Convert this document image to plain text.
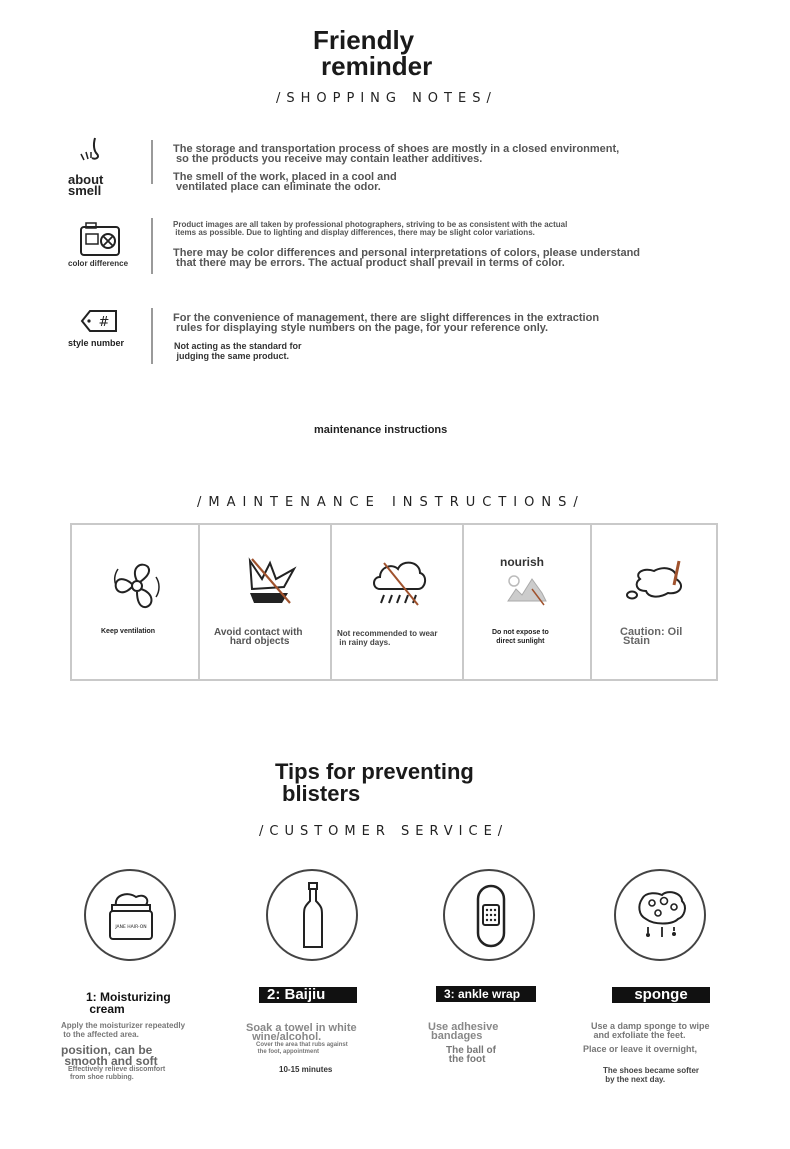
Friendly
reminder
/SHOPPING NOTES/
about
smell
The storage and transportation process of shoes are mostly in a closed environment,
so the products you receive may contain leather additives.
The smell of the work, placed in a cool and
ventilated place can eliminate the odor.
color difference
Product images are all taken by professional photographers, striving to be as consistent with the actual
items as possible. Due to lighting and display differences, there may be slight color variations.
There may be color differences and personal interpretations of colors, please understand
that there may be errors. The actual product shall prevail in terms of color.
#
style number
For the convenience of management, there are slight differences in the extraction
rules for displaying style numbers on the page, for your reference only.
Not acting as the standard for
judging the same product.
maintenance instructions
/MAINTENANCE INSTRUCTIONS/
Keep ventilation	Avoid contact with
hard objects
Not recommended to wear
in rainy days.
nourish
Do not expose to
direct sunlight
Caution: Oil
Stain
Tips for preventing
blisters
/CUSTOMER SERVICE/
JANE HAIR-ON
1: Moisturizing
cream
Apply the moisturizer repeatedly
to the affected area.
position, can be
smooth and soft
Effectively relieve discomfort
from shoe rubbing.
2: Baijiu
Soak a towel in white
wine/alcohol.
Cover the area that rubs against
the foot, appointment
10-15 minutes
3: ankle wrap
Use adhesive
bandages
The ball of
the foot
sponge
Use a damp sponge to wipe
and exfoliate the feet.
Place or leave it overnight,
The shoes became softer
by the next day.
